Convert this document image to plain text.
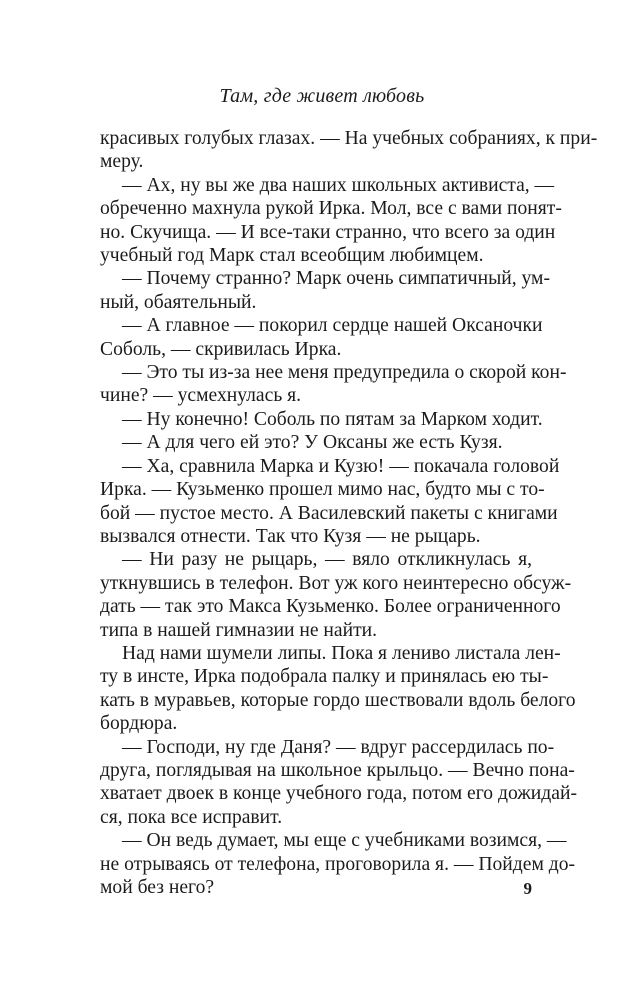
Там, где живет любовь
красивых голубых глазах. — На учебных собраниях, к при-
меру.
— Ах, ну вы же два наших школьных активиста, —
обреченно махнула рукой Ирка. Мол, все с вами понят-
но. Скучища. — И все-таки странно, что всего за один
учебный год Марк стал всеобщим любимцем.
— Почему странно? Марк очень симпатичный, ум-
ный, обаятельный.
— А главное — покорил сердце нашей Оксаночки
Соболь, — скривилась Ирка.
— Это ты из-за нее меня предупредила о скорой кон-
чине? — усмехнулась я.
— Ну конечно! Соболь по пятам за Марком ходит.
— А для чего ей это? У Оксаны же есть Кузя.
— Ха, сравнила Марка и Кузю! — покачала головой
Ирка. — Кузьменко прошел мимо нас, будто мы с то-
бой — пустое место. А Василевский пакеты с книгами
вызвался отнести. Так что Кузя — не рыцарь.
— Ни разу не рыцарь, — вяло откликнулась я,
уткнувшись в телефон. Вот уж кого неинтересно обсуж-
дать — так это Макса Кузьменко. Более ограниченного
типа в нашей гимназии не найти.
Над нами шумели липы. Пока я лениво листала лен-
ту в инсте, Ирка подобрала палку и принялась ею ты-
кать в муравьев, которые гордо шествовали вдоль белого
бордюра.
— Господи, ну где Даня? — вдруг рассердилась по-
друга, поглядывая на школьное крыльцо. — Вечно пона-
хватает двоек в конце учебного года, потом его дожидай-
ся, пока все исправит.
— Он ведь думает, мы еще с учебниками возимся, —
не отрываясь от телефона, проговорила я. — Пойдем до-
мой без него?	9
